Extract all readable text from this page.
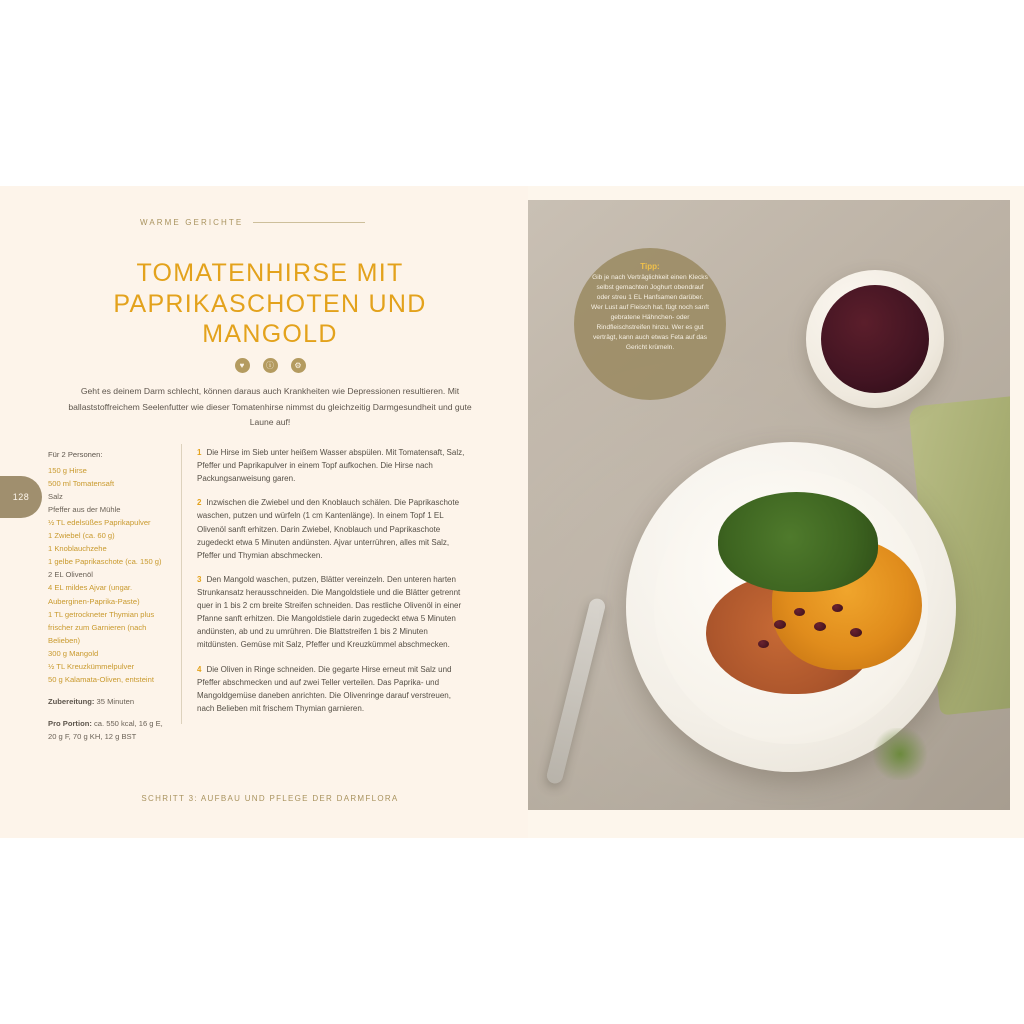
128
WARME GERICHTE
TOMATENHIRSE MIT PAPRIKASCHOTEN UND MANGOLD
♥	ⓘ	⚙
Geht es deinem Darm schlecht, können daraus auch Krankheiten wie Depressionen resultieren. Mit ballaststoffreichem Seelenfutter wie dieser Tomatenhirse nimmst du gleichzeitig Darmgesundheit und gute Laune auf!
Für 2 Personen:
150 g Hirse
500 ml Tomatensaft
Salz
Pfeffer aus der Mühle
½ TL edelsüßes Paprikapulver
1 Zwiebel (ca. 60 g)
1 Knoblauchzehe
1 gelbe Paprikaschote (ca. 150 g)
2 EL Olivenöl
4 EL mildes Ajvar (ungar. Auberginen-Paprika-Paste)
1 TL getrockneter Thymian plus frischer zum Garnieren (nach Belieben)
300 g Mangold
½ TL Kreuzkümmelpulver
50 g Kalamata-Oliven, entsteint
Zubereitung: 35 Minuten
Pro Portion: ca. 550 kcal, 16 g E, 20 g F, 70 g KH, 12 g BST
1 Die Hirse im Sieb unter heißem Wasser abspülen. Mit Tomatensaft, Salz, Pfeffer und Paprikapulver in einem Topf aufkochen. Die Hirse nach Packungsanweisung garen.
2 Inzwischen die Zwiebel und den Knoblauch schälen. Die Paprikaschote waschen, putzen und würfeln (1 cm Kantenlänge). In einem Topf 1 EL Olivenöl sanft erhitzen. Darin Zwiebel, Knoblauch und Paprikaschote zugedeckt etwa 5 Minuten andünsten. Ajvar unterrühren, alles mit Salz, Pfeffer und Thymian abschmecken.
3 Den Mangold waschen, putzen, Blätter vereinzeln. Den unteren harten Strunkansatz herausschneiden. Die Mangoldstiele und die Blätter getrennt quer in 1 bis 2 cm breite Streifen schneiden. Das restliche Olivenöl in einer Pfanne sanft erhitzen. Die Mangoldstiele darin zugedeckt etwa 5 Minuten andünsten, ab und zu umrühren. Die Blattstreifen 1 bis 2 Minuten mitdünsten. Gemüse mit Salz, Pfeffer und Kreuzkümmel abschmecken.
4 Die Oliven in Ringe schneiden. Die gegarte Hirse erneut mit Salz und Pfeffer abschmecken und auf zwei Teller verteilen. Das Paprika- und Mangoldgemüse daneben anrichten. Die Olivenringe darauf verstreuen, nach Belieben mit frischem Thymian garnieren.
SCHRITT 3: AUFBAU UND PFLEGE DER DARMFLORA
Tipp:
Gib je nach Verträglichkeit einen Klecks selbst gemachten Joghurt obendrauf oder streu 1 EL Hanfsamen darüber. Wer Lust auf Fleisch hat, fügt noch sanft gebratene Hähnchen- oder Rindfleischstreifen hinzu. Wer es gut verträgt, kann auch etwas Feta auf das Gericht krümeln.
